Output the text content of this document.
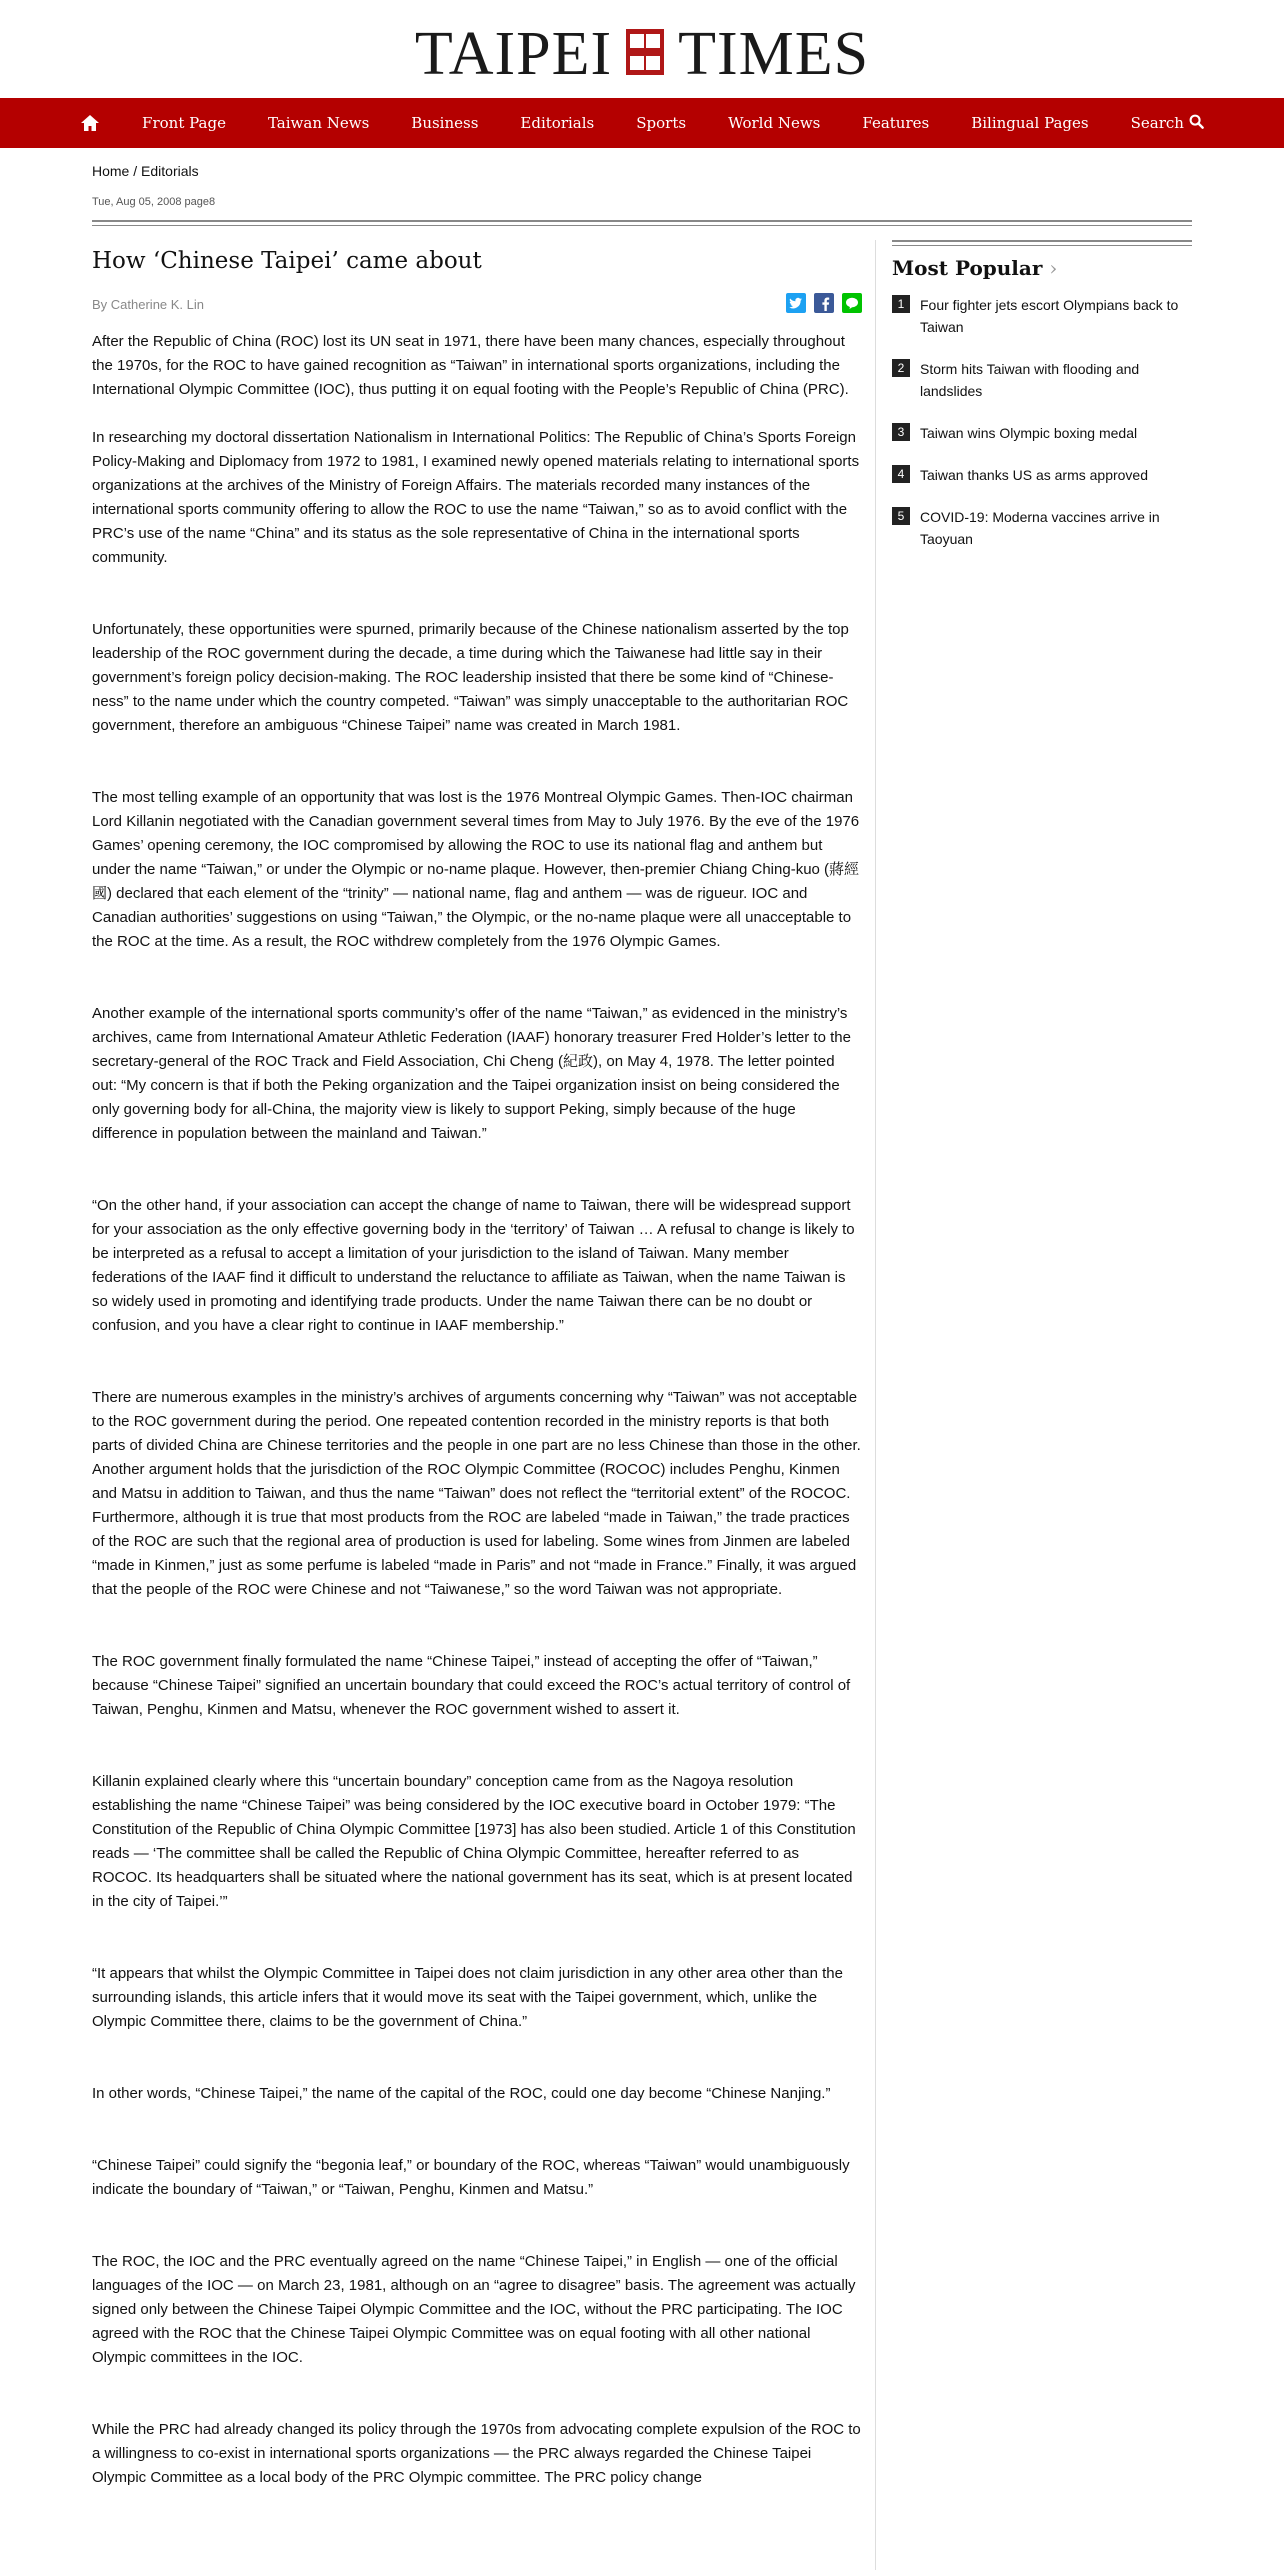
TAIPEI TIMES
Front Page	Taiwan News	Business	Editorials	Sports	World News	Features	Bilingual Pages	Search
Home / Editorials
Tue, Aug 05, 2008 page8
How ‘Chinese Taipei’ came about
By Catherine K. Lin

After the Republic of China (ROC) lost its UN seat in 1971, there have been many chances, especially throughout the 1970s, for the ROC to have gained recognition as “Taiwan” in international sports organizations, including the International Olympic Committee (IOC), thus putting it on equal footing with the People’s Republic of China (PRC).

In researching my doctoral dissertation Nationalism in International Politics: The Republic of China’s Sports Foreign Policy-Making and Diplomacy from 1972 to 1981, I examined newly opened materials relating to international sports organizations at the archives of the Ministry of Foreign Affairs. The materials recorded many instances of the international sports community offering to allow the ROC to use the name “Taiwan,” so as to avoid conflict with the PRC’s use of the name “China” and its status as the sole representative of China in the international sports community.

Unfortunately, these opportunities were spurned, primarily because of the Chinese nationalism asserted by the top leadership of the ROC government during the decade, a time during which the Taiwanese had little say in their government’s foreign policy decision-making. The ROC leadership insisted that there be some kind of “Chinese-ness” to the name under which the country competed. “Taiwan” was simply unacceptable to the authoritarian ROC government, therefore an ambiguous “Chinese Taipei” name was created in March 1981.

The most telling example of an opportunity that was lost is the 1976 Montreal Olympic Games. Then-IOC chairman Lord Killanin negotiated with the Canadian government several times from May to July 1976. By the eve of the 1976 Games’ opening ceremony, the IOC compromised by allowing the ROC to use its national flag and anthem but under the name “Taiwan,” or under the Olympic or no-name plaque. However, then-premier Chiang Ching-kuo (蔣經國) declared that each element of the “trinity” — national name, flag and anthem — was de rigueur. IOC and Canadian authorities’ suggestions on using “Taiwan,” the Olympic, or the no-name plaque were all unacceptable to the ROC at the time. As a result, the ROC withdrew completely from the 1976 Olympic Games.

Another example of the international sports community’s offer of the name “Taiwan,” as evidenced in the ministry’s archives, came from International Amateur Athletic Federation (IAAF) honorary treasurer Fred Holder’s letter to the secretary-general of the ROC Track and Field Association, Chi Cheng (紀政), on May 4, 1978. The letter pointed out: “My concern is that if both the Peking organization and the Taipei organization insist on being considered the only governing body for all-China, the majority view is likely to support Peking, simply because of the huge difference in population between the mainland and Taiwan.”

“On the other hand, if your association can accept the change of name to Taiwan, there will be widespread support for your association as the only effective governing body in the ‘territory’ of Taiwan … A refusal to change is likely to be interpreted as a refusal to accept a limitation of your jurisdiction to the island of Taiwan. Many member federations of the IAAF find it difficult to understand the reluctance to affiliate as Taiwan, when the name Taiwan is so widely used in promoting and identifying trade products. Under the name Taiwan there can be no doubt or confusion, and you have a clear right to continue in IAAF membership.”

There are numerous examples in the ministry’s archives of arguments concerning why “Taiwan” was not acceptable to the ROC government during the period. One repeated contention recorded in the ministry reports is that both parts of divided China are Chinese territories and the people in one part are no less Chinese than those in the other. Another argument holds that the jurisdiction of the ROC Olympic Committee (ROCOC) includes Penghu, Kinmen and Matsu in addition to Taiwan, and thus the name “Taiwan” does not reflect the “territorial extent” of the ROCOC. Furthermore, although it is true that most products from the ROC are labeled “made in Taiwan,” the trade practices of the ROC are such that the regional area of production is used for labeling. Some wines from Jinmen are labeled “made in Kinmen,” just as some perfume is labeled “made in Paris” and not “made in France.” Finally, it was argued that the people of the ROC were Chinese and not “Taiwanese,” so the word Taiwan was not appropriate.

The ROC government finally formulated the name “Chinese Taipei,” instead of accepting the offer of “Taiwan,” because “Chinese Taipei” signified an uncertain boundary that could exceed the ROC’s actual territory of control of Taiwan, Penghu, Kinmen and Matsu, whenever the ROC government wished to assert it.

Killanin explained clearly where this “uncertain boundary” conception came from as the Nagoya resolution establishing the name “Chinese Taipei” was being considered by the IOC executive board in October 1979: “The Constitution of the Republic of China Olympic Committee [1973] has also been studied. Article 1 of this Constitution reads — ‘The committee shall be called the Republic of China Olympic Committee, hereafter referred to as ROCOC. Its headquarters shall be situated where the national government has its seat, which is at present located in the city of Taipei.’”

“It appears that whilst the Olympic Committee in Taipei does not claim jurisdiction in any other area other than the surrounding islands, this article infers that it would move its seat with the Taipei government, which, unlike the Olympic Committee there, claims to be the government of China.”

In other words, “Chinese Taipei,” the name of the capital of the ROC, could one day become “Chinese Nanjing.”

“Chinese Taipei” could signify the “begonia leaf,” or boundary of the ROC, whereas “Taiwan” would unambiguously indicate the boundary of “Taiwan,” or “Taiwan, Penghu, Kinmen and Matsu.”

The ROC, the IOC and the PRC eventually agreed on the name “Chinese Taipei,” in English — one of the official languages of the IOC — on March 23, 1981, although on an “agree to disagree” basis. The agreement was actually signed only between the Chinese Taipei Olympic Committee and the IOC, without the PRC participating. The IOC agreed with the ROC that the Chinese Taipei Olympic Committee was on equal footing with all other national Olympic committees in the IOC.

While the PRC had already changed its policy through the 1970s from advocating complete expulsion of the ROC to a willingness to co-exist in international sports organizations — the PRC always regarded the Chinese Taipei Olympic Committee as a local body of the PRC Olympic committee. The PRC policy change

Most Popular ›
1	Four fighter jets escort Olympians back to Taiwan
2	Storm hits Taiwan with flooding and landslides
3	Taiwan wins Olympic boxing medal
4	Taiwan thanks US as arms approved
5	COVID-19: Moderna vaccines arrive in Taoyuan
